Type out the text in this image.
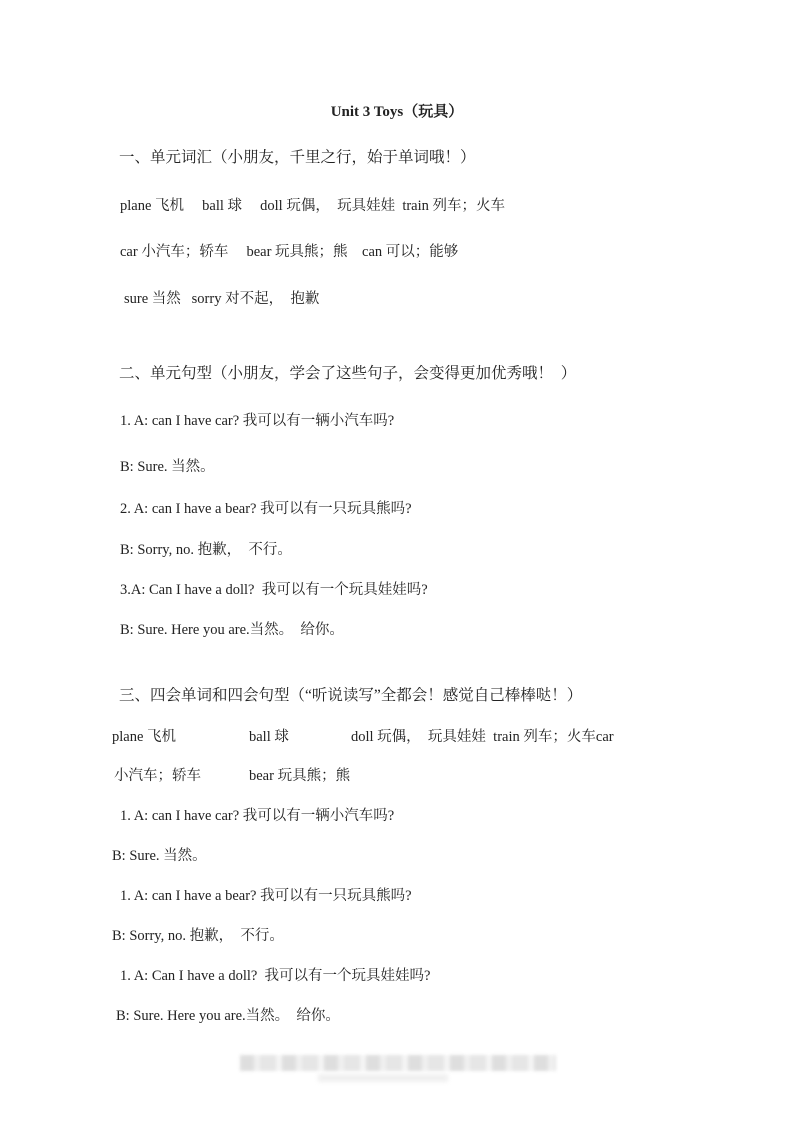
Unit 3 Toys（玩具）
一、单元词汇（小朋友，千里之行，始于单词哦！）
plane 飞机     ball 球     doll 玩偶，  玩具娃娃  train 列车；火车
car 小汽车；轿车     bear 玩具熊；熊    can 可以；能够
sure 当然   sorry 对不起，  抱歉
二、单元句型（小朋友，学会了这些句子，会变得更加优秀哦！  ）
1. A: can I have car? 我可以有一辆小汽车吗?
B: Sure. 当然。
2. A: can I have a bear? 我可以有一只玩具熊吗?
B: Sorry, no. 抱歉，  不行。
3.A: Can I have a doll?  我可以有一个玩具娃娃吗?
B: Sure. Here you are.当然。  给你。
三、四会单词和四会句型（“听说读写”全都会！感觉自己棒棒哒！）
plane 飞机	ball 球	doll 玩偶，  玩具娃娃  train 列车；火车car
小汽车；轿车	bear 玩具熊；熊
1. A: can I have car? 我可以有一辆小汽车吗?
B: Sure. 当然。
1. A: can I have a bear? 我可以有一只玩具熊吗?
B: Sorry, no. 抱歉，  不行。
1. A: Can I have a doll?  我可以有一个玩具娃娃吗?
B: Sure. Here you are.当然。  给你。
